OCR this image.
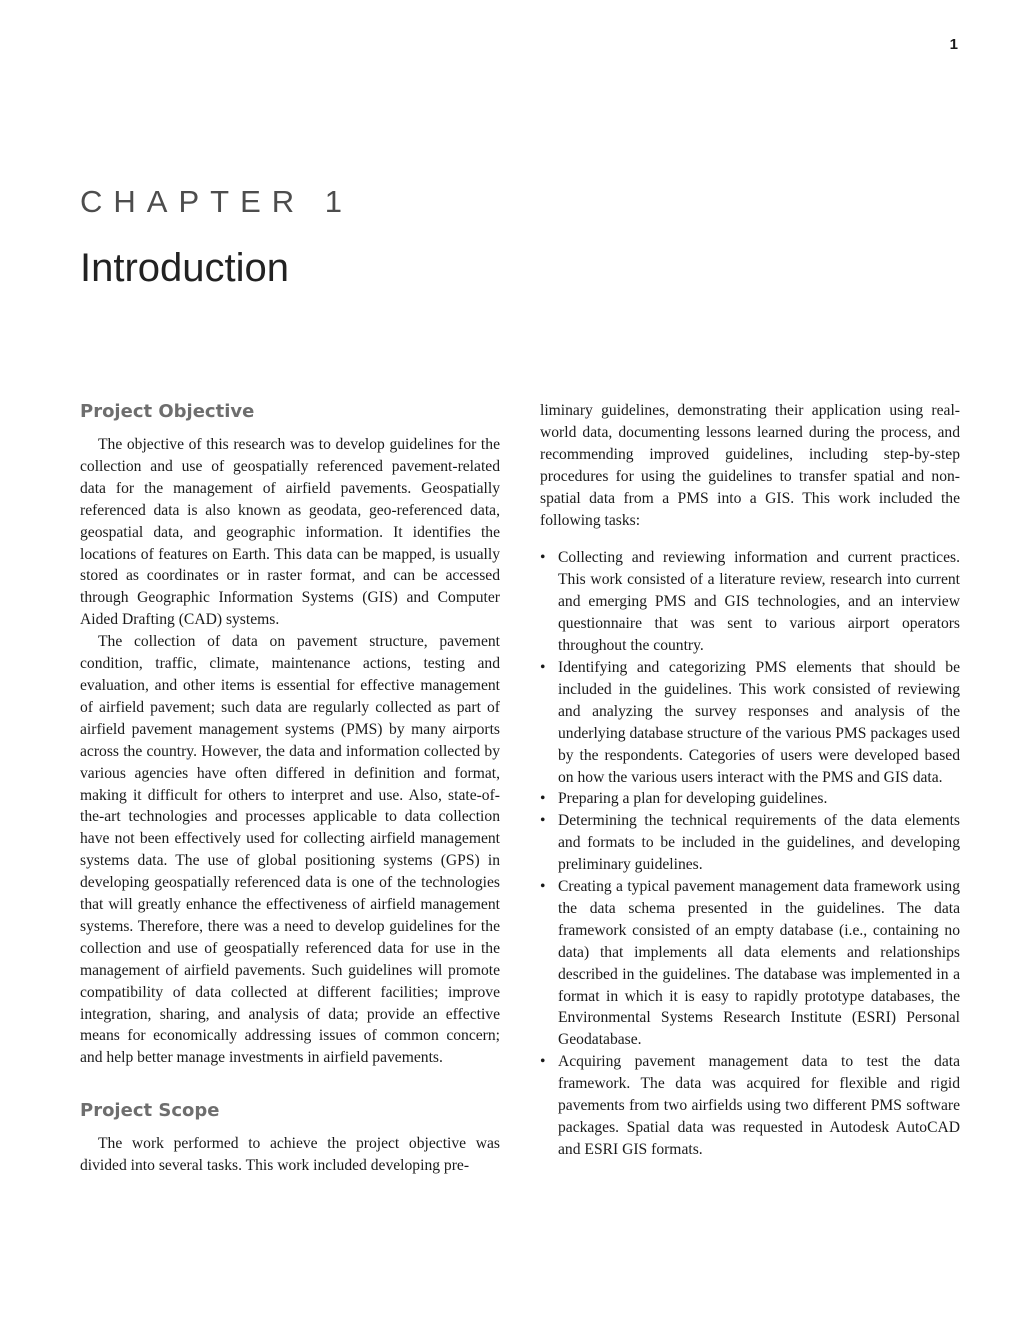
1
CHAPTER 1
Introduction
Project Objective

The objective of this research was to develop guidelines for the collection and use of geospatially referenced pavement-related data for the management of airfield pavements. Geospatially referenced data is also known as geodata, geo-referenced data, geospatial data, and geographic information. It identifies the locations of features on Earth. This data can be mapped, is usually stored as coordinates or in raster format, and can be accessed through Geographic Information Systems (GIS) and Computer Aided Drafting (CAD) systems.

The collection of data on pavement structure, pavement condition, traffic, climate, maintenance actions, testing and evaluation, and other items is essential for effective management of airfield pavement; such data are regularly collected as part of airfield pavement management systems (PMS) by many airports across the country. However, the data and information collected by various agencies have often differed in definition and format, making it difficult for others to interpret and use. Also, state-of-the-art technologies and processes applicable to data collection have not been effectively used for collecting airfield management systems data. The use of global positioning systems (GPS) in developing geospatially referenced data is one of the technologies that will greatly enhance the effectiveness of airfield management systems. Therefore, there was a need to develop guidelines for the collection and use of geospatially referenced data for use in the management of airfield pavements. Such guidelines will promote compatibility of data collected at different facilities; improve integration, sharing, and analysis of data; provide an effective means for economically addressing issues of common concern; and help better manage investments in airfield pavements.

Project Scope

The work performed to achieve the project objective was divided into several tasks. This work included developing pre-

liminary guidelines, demonstrating their application using real-world data, documenting lessons learned during the process, and recommending improved guidelines, including step-by-step procedures for using the guidelines to transfer spatial and non-spatial data from a PMS into a GIS. This work included the following tasks:

• Collecting and reviewing information and current practices. This work consisted of a literature review, research into current and emerging PMS and GIS technologies, and an interview questionnaire that was sent to various airport operators throughout the country.
• Identifying and categorizing PMS elements that should be included in the guidelines. This work consisted of reviewing and analyzing the survey responses and analysis of the underlying database structure of the various PMS packages used by the respondents. Categories of users were developed based on how the various users interact with the PMS and GIS data.
• Preparing a plan for developing guidelines.
• Determining the technical requirements of the data elements and formats to be included in the guidelines, and developing preliminary guidelines.
• Creating a typical pavement management data framework using the data schema presented in the guidelines. The data framework consisted of an empty database (i.e., containing no data) that implements all data elements and relationships described in the guidelines. The database was implemented in a format in which it is easy to rapidly prototype databases, the Environmental Systems Research Institute (ESRI) Personal Geodatabase.
• Acquiring pavement management data to test the data framework. The data was acquired for flexible and rigid pavements from two airfields using two different PMS software packages. Spatial data was requested in Autodesk AutoCAD and ESRI GIS formats.
